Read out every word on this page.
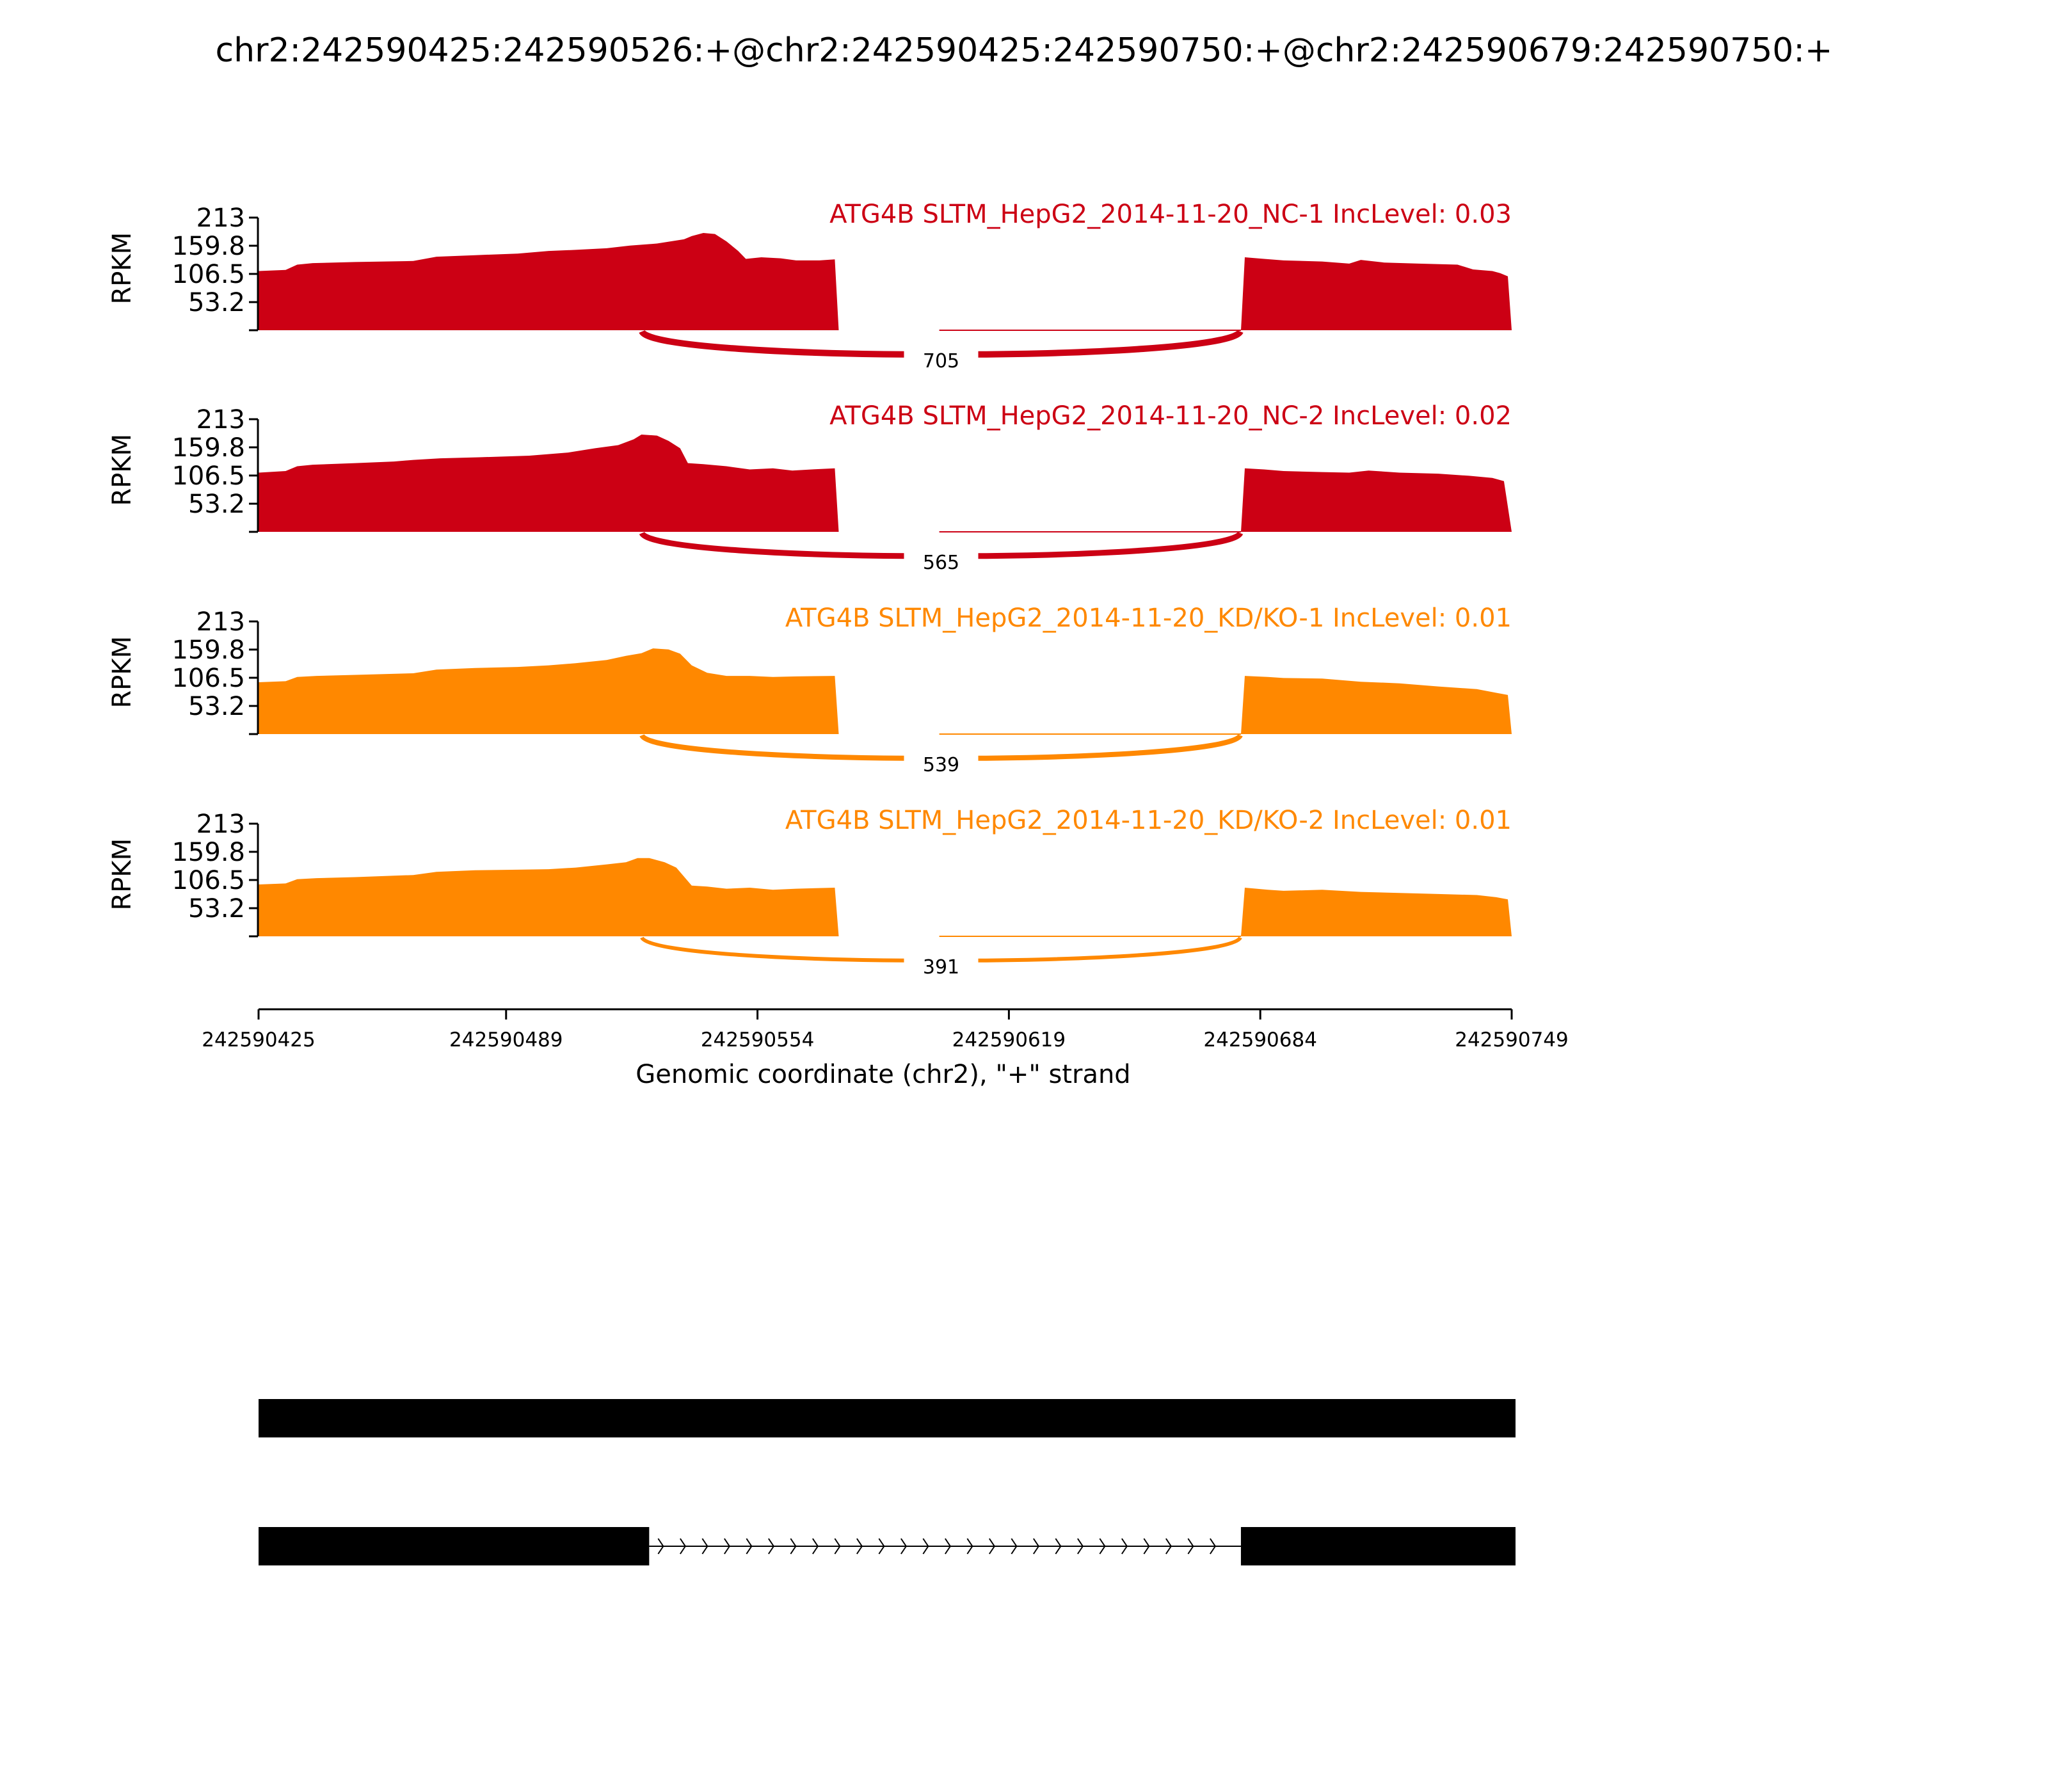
chr2:242590425:242590526:+@chr2:242590425:242590750:+@chr2:242590679:242590750:+
705
213
159.8
106.5
53.2
RPKM
ATG4B SLTM_HepG2_2014-11-20_NC-1 IncLevel: 0.03
565
213
159.8
106.5
53.2
RPKM
ATG4B SLTM_HepG2_2014-11-20_NC-2 IncLevel: 0.02
539
213
159.8
106.5
53.2
RPKM
ATG4B SLTM_HepG2_2014-11-20_KD/KO-1 IncLevel: 0.01
391
213
159.8
106.5
53.2
RPKM
ATG4B SLTM_HepG2_2014-11-20_KD/KO-2 IncLevel: 0.01
242590425	242590489	242590554	242590619	242590684	242590749
Genomic coordinate (chr2), "+" strand
